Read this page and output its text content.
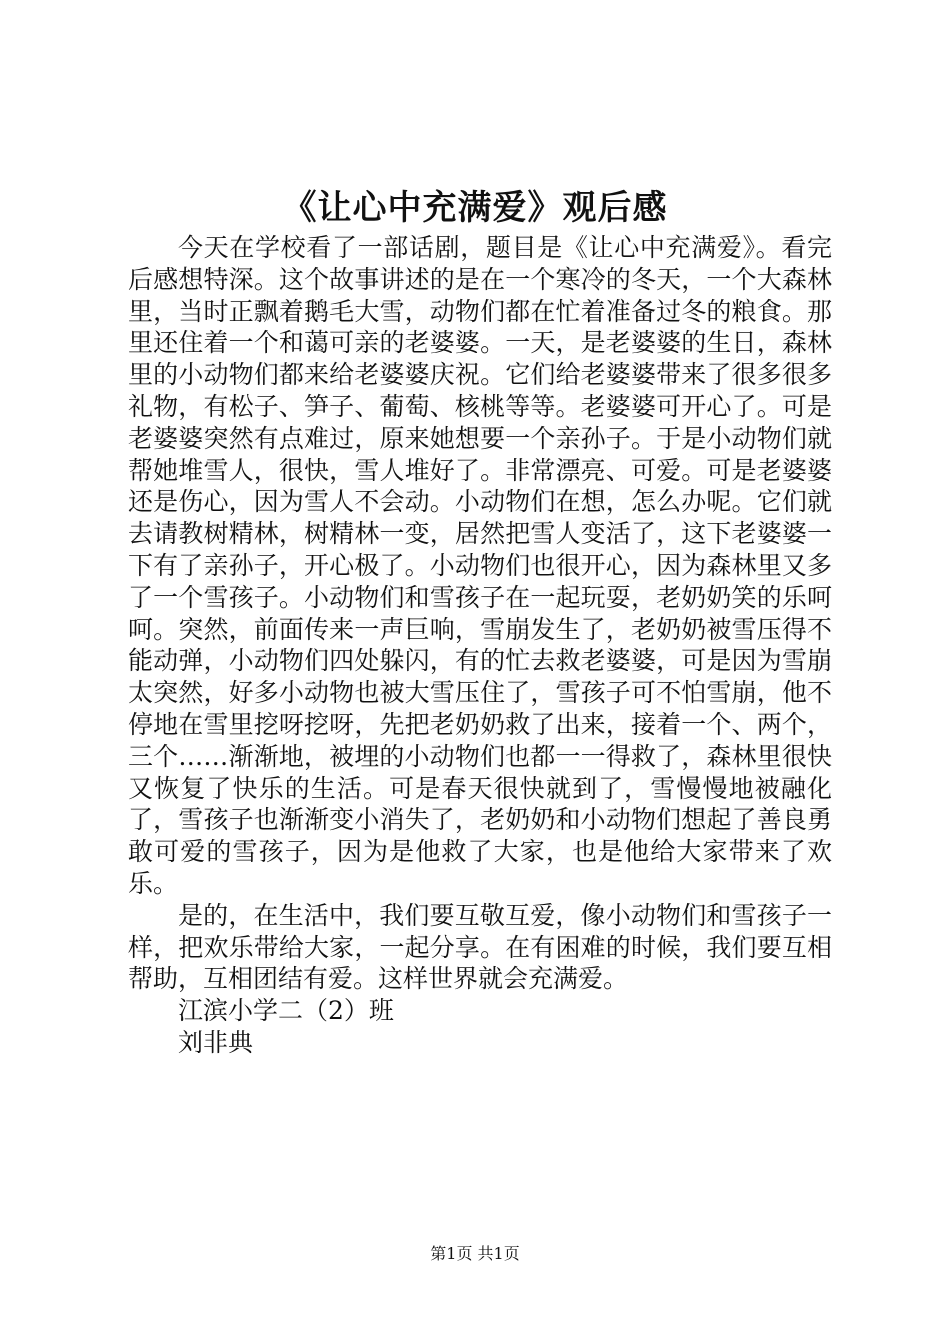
《让心中充满爱》观后感

今天在学校看了一部话剧，题目是《让心中充满爱》。看完后感想特深。这个故事讲述的是在一个寒冷的冬天，一个大森林里，当时正飘着鹅毛大雪，动物们都在忙着准备过冬的粮食。那里还住着一个和蔼可亲的老婆婆。一天，是老婆婆的生日，森林里的小动物们都来给老婆婆庆祝。它们给老婆婆带来了很多很多礼物，有松子、笋子、葡萄、核桃等等。老婆婆可开心了。可是老婆婆突然有点难过，原来她想要一个亲孙子。于是小动物们就帮她堆雪人，很快，雪人堆好了。非常漂亮、可爱。可是老婆婆还是伤心，因为雪人不会动。小动物们在想，怎么办呢。它们就去请教树精林，树精林一变，居然把雪人变活了，这下老婆婆一下有了亲孙子，开心极了。小动物们也很开心，因为森林里又多了一个雪孩子。小动物们和雪孩子在一起玩耍，老奶奶笑的乐呵呵。突然，前面传来一声巨响，雪崩发生了，老奶奶被雪压得不能动弹，小动物们四处躲闪，有的忙去救老婆婆，可是因为雪崩太突然，好多小动物也被大雪压住了，雪孩子可不怕雪崩，他不停地在雪里挖呀挖呀，先把老奶奶救了出来，接着一个、两个，三个……渐渐地，被埋的小动物们也都一一得救了，森林里很快又恢复了快乐的生活。可是春天很快就到了，雪慢慢地被融化了，雪孩子也渐渐变小消失了，老奶奶和小动物们想起了善良勇敢可爱的雪孩子，因为是他救了大家，也是他给大家带来了欢乐。

是的，在生活中，我们要互敬互爱，像小动物们和雪孩子一样，把欢乐带给大家，一起分享。在有困难的时候，我们要互相帮助，互相团结有爱。这样世界就会充满爱。

江滨小学二（2）班

刘非典

第1页 共1页
